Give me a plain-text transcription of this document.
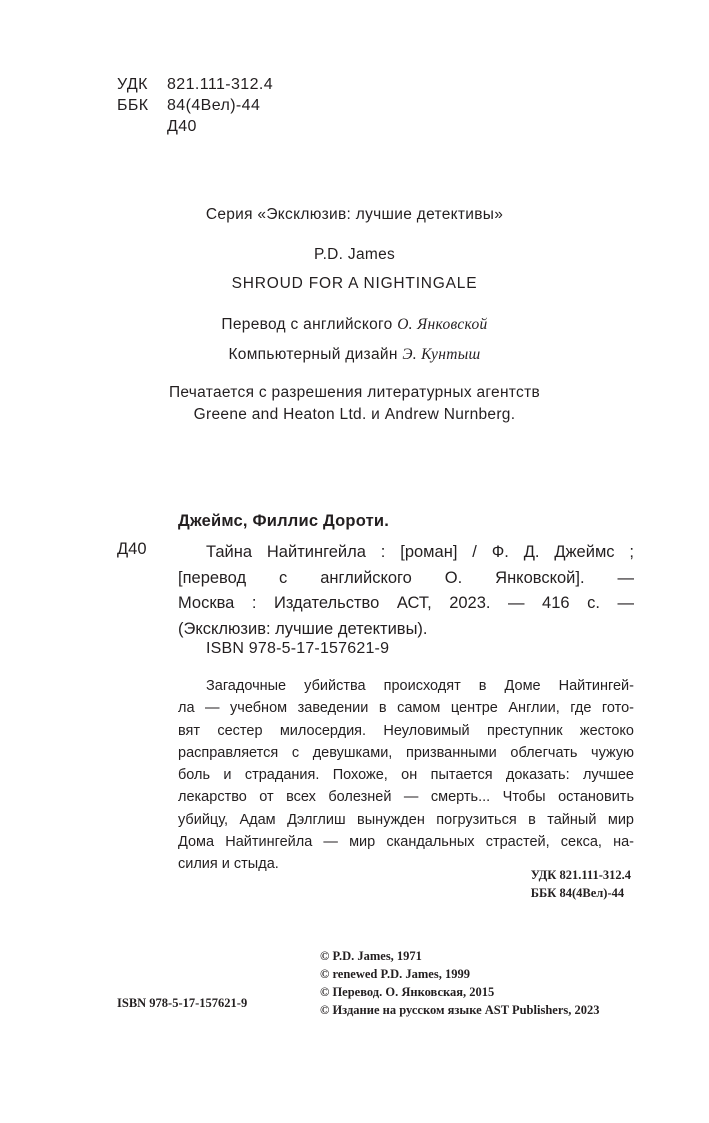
УДК	821.111-312.4
ББК	84(4Вел)-44
Д40
Серия «Эксклюзив: лучшие детективы»
P.D. James
SHROUD FOR A NIGHTINGALE
Перевод с английского О. Янковской
Компьютерный дизайн Э. Кунтыш
Печатается с разрешения литературных агентств
Greene and Heaton Ltd. и Andrew Nurnberg.
Джеймс, Филлис Дороти.
Д40	Тайна Найтингейла : [роман] / Ф. Д. Джеймс ;
[перевод с английского О. Янковской]. —
Москва : Издательство АСТ, 2023. — 416 с. —
(Эксклюзив: лучшие детективы).
ISBN 978-5-17-157621-9
Загадочные убийства происходят в Доме Найтингей-
ла — учебном заведении в самом центре Англии, где гото-
вят сестер милосердия. Неуловимый преступник жестоко
расправляется с девушками, призванными облегчать чужую
боль и страдания. Похоже, он пытается доказать: лучшее
лекарство от всех болезней — смерть... Чтобы остановить
убийцу, Адам Дэлглиш вынужден погрузиться в тайный мир
Дома Найтингейла — мир скандальных страстей, секса, на-
силия и стыда.
УДК 821.111-312.4
ББК 84(4Вел)-44
© P.D. James, 1971
© renewed P.D. James, 1999
© Перевод. О. Янковская, 2015
© Издание на русском языке AST Publishers, 2023
ISBN 978-5-17-157621-9
